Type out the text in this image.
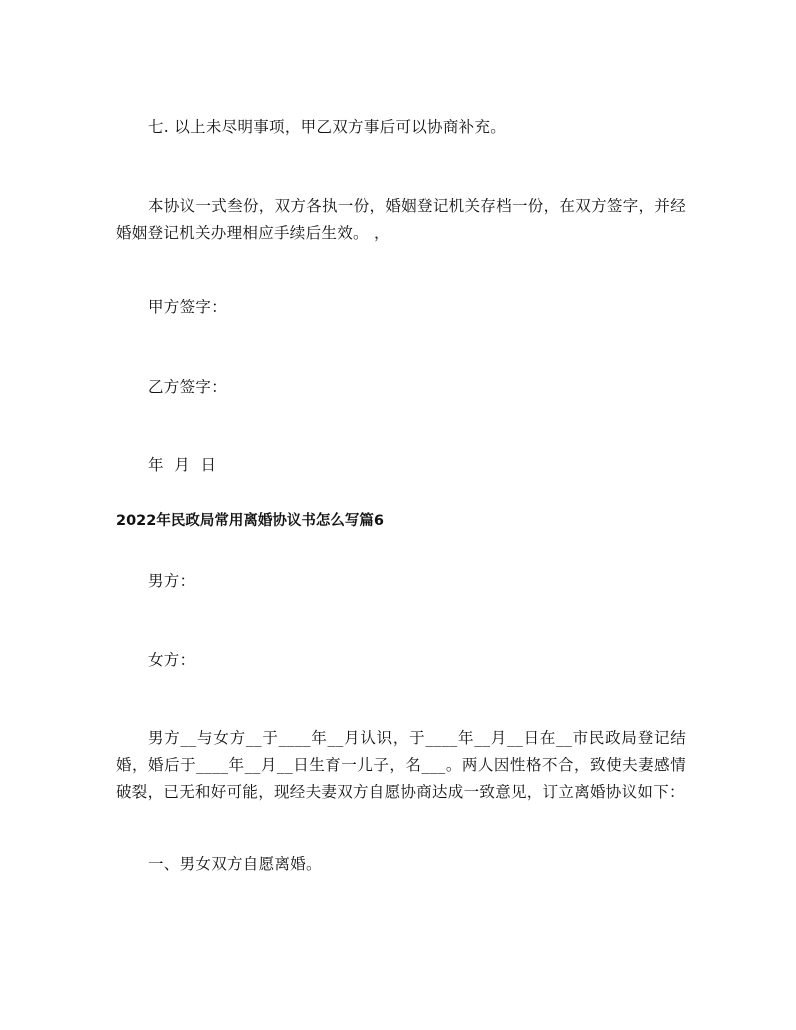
七. 以上未尽明事项，甲乙双方事后可以协商补充。
本协议一式叁份，双方各执一份，婚姻登记机关存档一份，在双方签字，并经婚姻登记机关办理相应手续后生效。 ，
甲方签字：
乙方签字：
年  月  日
2022年民政局常用离婚协议书怎么写篇6
男方：
女方：
男方__与女方__于____年__月认识，于____年__月__日在__市民政局登记结婚，婚后于____年__月__日生育一儿子，名___。两人因性格不合，致使夫妻感情破裂，已无和好可能，现经夫妻双方自愿协商达成一致意见，订立离婚协议如下：
一、男女双方自愿离婚。
